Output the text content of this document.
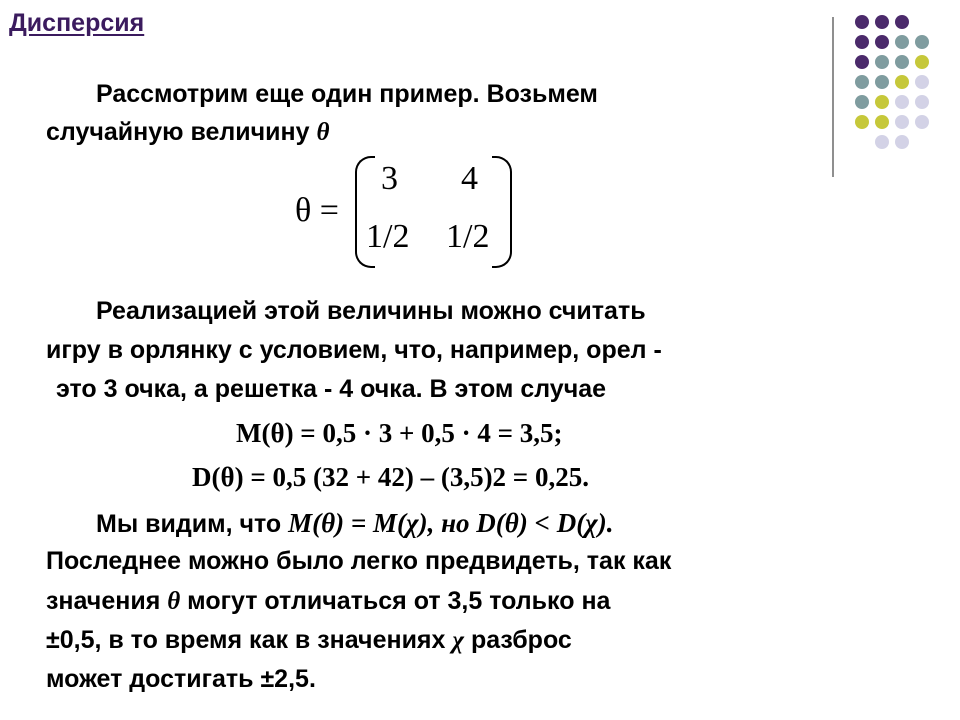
Дисперсия
Рассмотрим еще один пример. Возьмем
случайную величину θ
θ =
3 4
1/2 1/2
Реализацией этой величины можно считать
игру в орлянку с условием, что, например, орел -
это 3 очка, а решетка - 4 очка. В этом случае
M(θ) = 0,5 · 3 + 0,5 · 4 = 3,5;
D(θ) = 0,5 (32 + 42) – (3,5)2 = 0,25.
Мы видим, что M(θ) = M(χ), но D(θ) < D(χ).
Последнее можно было легко предвидеть, так как
значения θ могут отличаться от 3,5 только на
±0,5, в то время как в значениях χ разброс
может достигать ±2,5.
